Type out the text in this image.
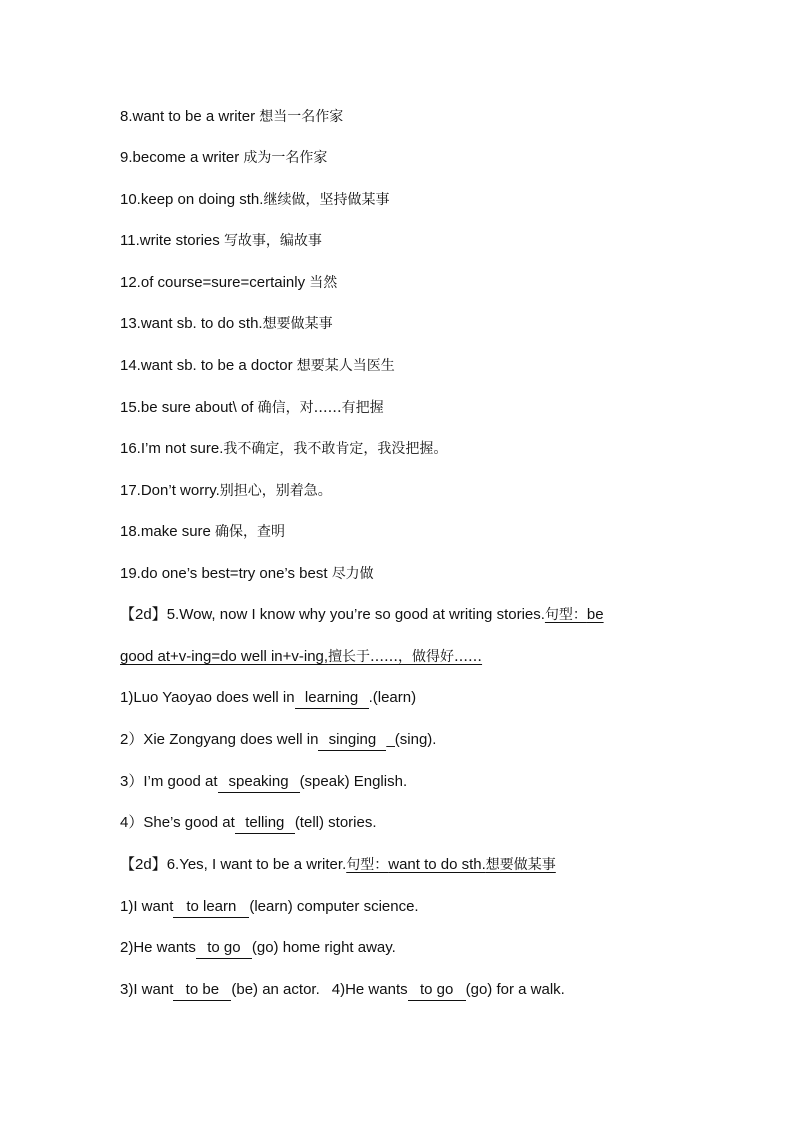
8.want to be a writer 想当一名作家
9.become a writer 成为一名作家
10.keep on doing sth.继续做，坚持做某事
11.write stories 写故事，编故事
12.of course=sure=certainly 当然
13.want sb. to do sth.想要做某事
14.want sb. to be a doctor 想要某人当医生
15.be sure about\ of 确信，对……有把握
16.I’m not sure.我不确定，我不敢肯定，我没把握。
17.Don’t worry.别担心，别着急。
18.make sure 确保，查明
19.do one’s best=try one’s best 尽力做
【2d】5.Wow, now I know why you’re so good at writing stories.句型：be
good at+v-ing=do well in+v-ing,擅长于……，做得好……
1)Luo Yaoyao does well in learning .(learn)
2）Xie Zongyang does well in singing _(sing).
3）I’m good at speaking (speak) English.
4）She’s good at telling (tell) stories.
【2d】6.Yes, I want to be a writer.句型：want to do sth.想要做某事
1)I want to learn (learn) computer science.
2)He wants to go (go) home right away.
3)I want to be (be) an actor. 4)He wants to go (go) for a walk.
